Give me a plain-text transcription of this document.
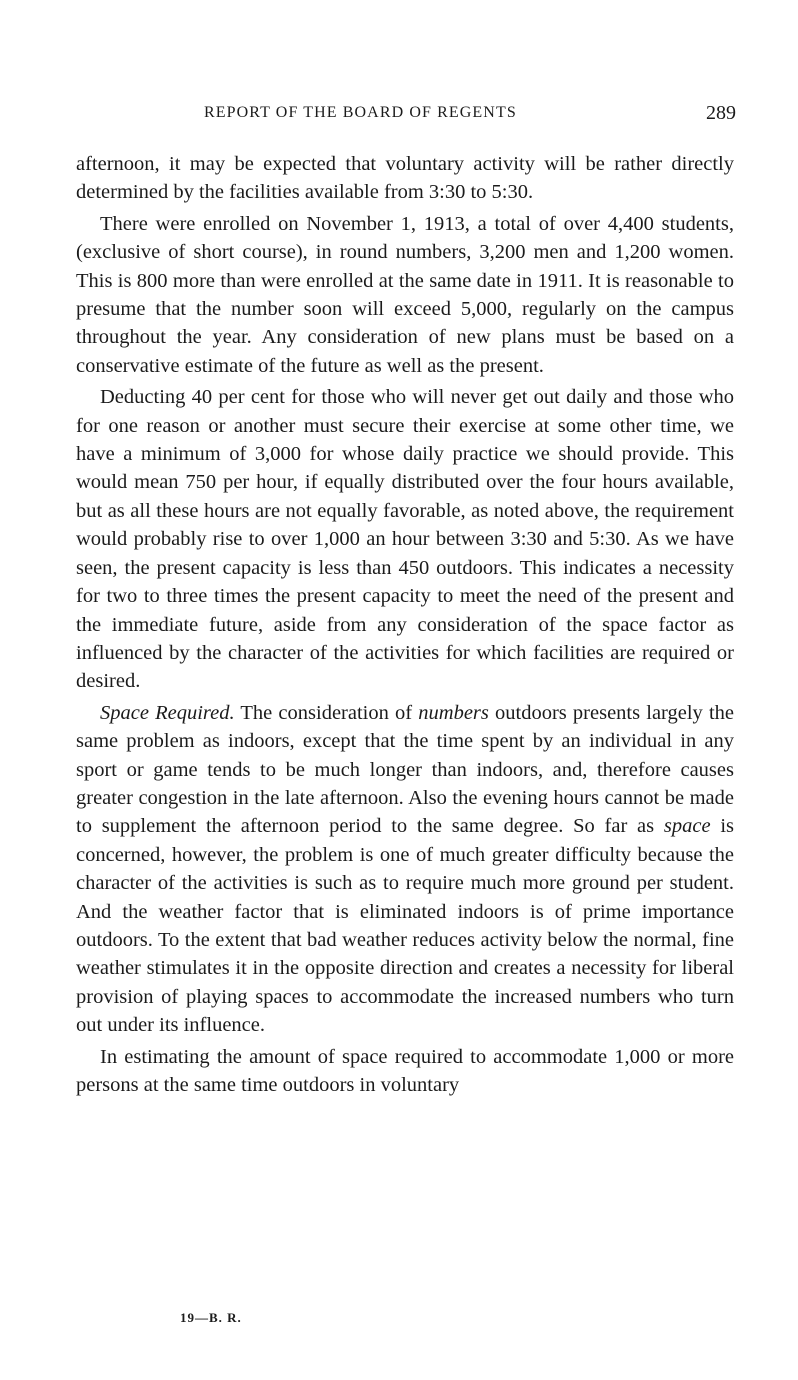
REPORT OF THE BOARD OF REGENTS	289

afternoon, it may be expected that voluntary activity will be rather directly determined by the facilities available from 3:30 to 5:30.

There were enrolled on November 1, 1913, a total of over 4,400 students, (exclusive of short course), in round numbers, 3,200 men and 1,200 women. This is 800 more than were enrolled at the same date in 1911. It is reasonable to presume that the number soon will exceed 5,000, regularly on the campus throughout the year. Any consideration of new plans must be based on a conservative estimate of the future as well as the present.

Deducting 40 per cent for those who will never get out daily and those who for one reason or another must secure their exercise at some other time, we have a minimum of 3,000 for whose daily practice we should provide. This would mean 750 per hour, if equally distributed over the four hours available, but as all these hours are not equally favorable, as noted above, the requirement would probably rise to over 1,000 an hour between 3:30 and 5:30. As we have seen, the present capacity is less than 450 outdoors. This indicates a necessity for two to three times the present capacity to meet the need of the present and the immediate future, aside from any consideration of the space factor as influenced by the character of the activities for which facilities are required or desired.

Space Required. The consideration of numbers outdoors presents largely the same problem as indoors, except that the time spent by an individual in any sport or game tends to be much longer than indoors, and, therefore causes greater congestion in the late afternoon. Also the evening hours cannot be made to supplement the afternoon period to the same degree. So far as space is concerned, however, the problem is one of much greater difficulty because the character of the activities is such as to require much more ground per student. And the weather factor that is eliminated indoors is of prime importance outdoors. To the extent that bad weather reduces activity below the normal, fine weather stimulates it in the opposite direction and creates a necessity for liberal provision of playing spaces to accommodate the increased numbers who turn out under its influence.

In estimating the amount of space required to accommodate 1,000 or more persons at the same time outdoors in voluntary

19—B. R.
